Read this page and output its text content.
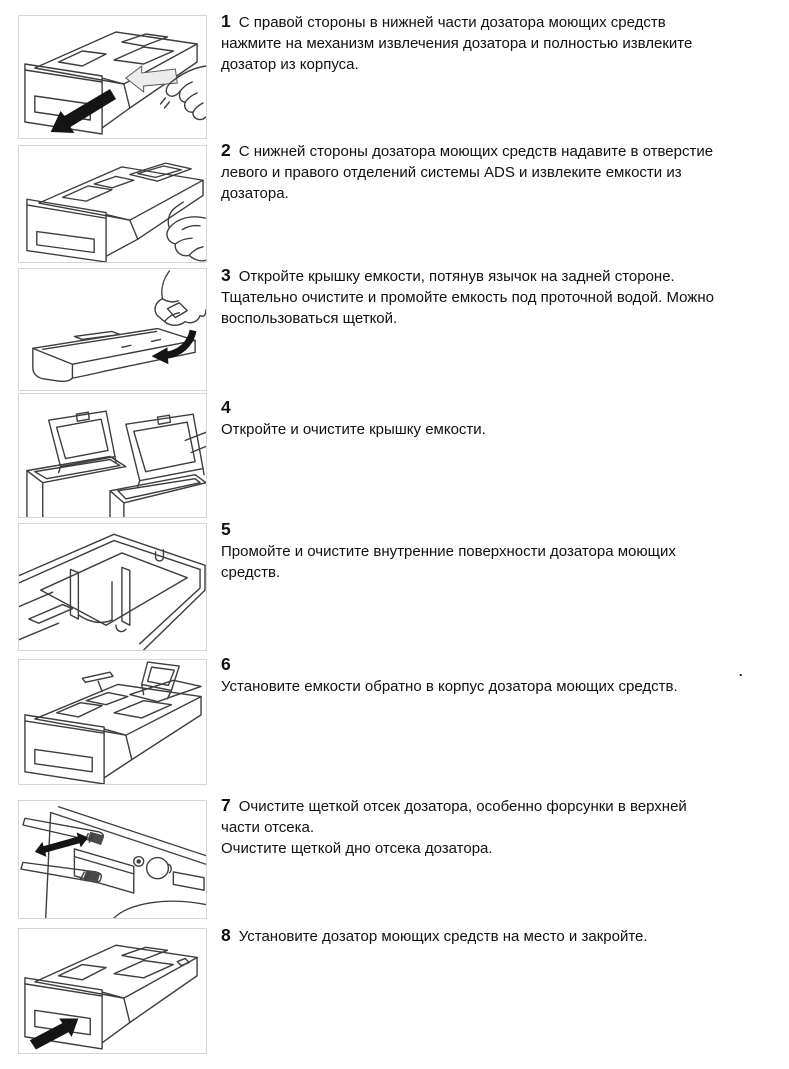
1 С правой стороны в нижней части дозатора моющих средств нажмите на механизм извлечения дозатора и полностью извлеките дозатор из корпуса.

2 С нижней стороны дозатора моющих средств надавите в отверстие левого и правого отделений системы ADS и извлеките емкости из дозатора.

3 Откройте крышку емкости, потянув язычок на задней стороне.

Тщательно очистите и промойте емкость под проточной водой. Можно воспользоваться щеткой.

4

Откройте и очистите крышку емкости.

5

Промойте и очистите внутренние поверхности дозатора моющих средств.

6

Установите емкости обратно в корпус дозатора моющих средств.

7 Очистите щеткой отсек дозатора, особенно форсунки в верхней части отсека.

Очистите щеткой дно отсека дозатора.

8 Установите дозатор моющих средств на место и закройте.

.
